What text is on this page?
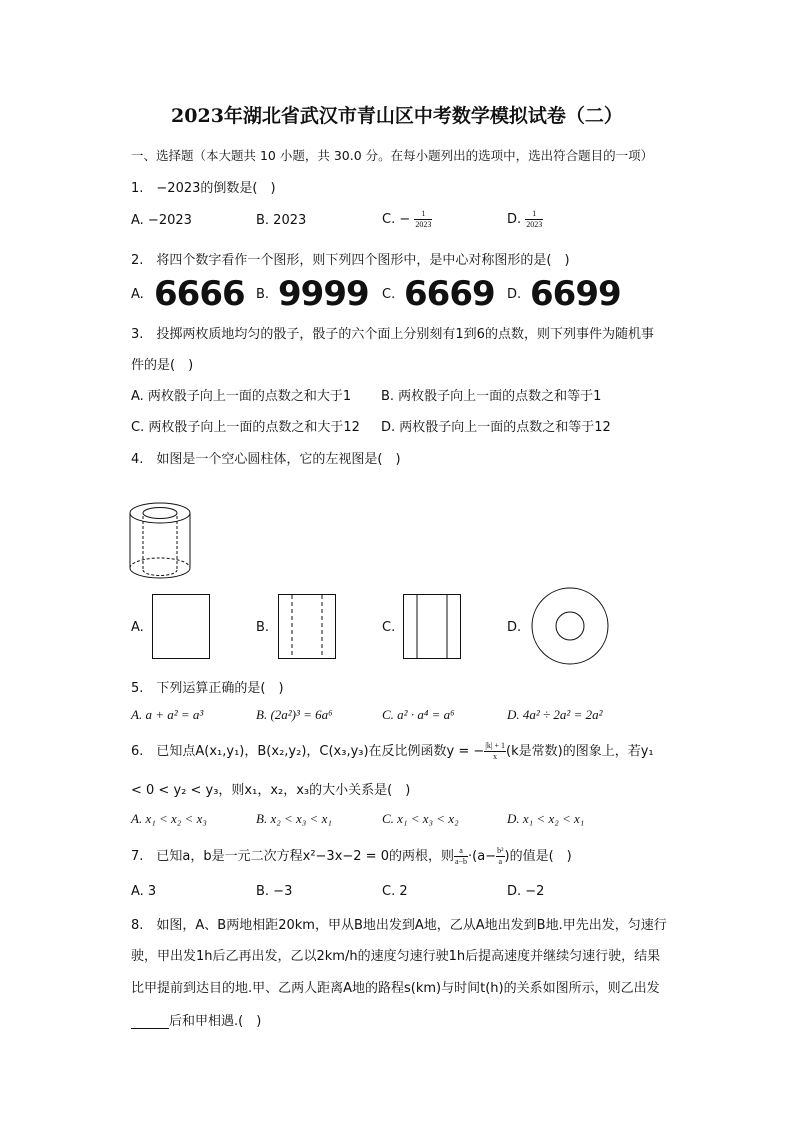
2023年湖北省武汉市青山区中考数学模拟试卷（二）
一、选择题（本大题共 10 小题，共 30.0 分。在每小题列出的选项中，选出符合题目的一项）
1.　−2023的倒数是(　)
A. −2023	B. 2023	C. − $\frac{1}{2023}$	D. $\frac{1}{2023}$
2.　将四个数字看作一个图形，则下列四个图形中，是中心对称图形的是(　)
A. 6666 B. 9999 C. 6669 D. 6699
3.　投掷两枚质地均匀的骰子，骰子的六个面上分别刻有1到6的点数，则下列事件为随机事
件的是(　)
A. 两枚骰子向上一面的点数之和大于1 B. 两枚骰子向上一面的点数之和等于1
C. 两枚骰子向上一面的点数之和大于12 D. 两枚骰子向上一面的点数之和等于12
4.　如图是一个空心圆柱体，它的左视图是(　)
A.	B.	C.	D.
5.　下列运算正确的是(　)
A. a + a² = a³	B. (2a²)³ = 6a⁶	C. a² · a⁴ = a⁶	D. 4a² ÷ 2a² = 2a²
6.　已知点A(x₁,y₁)，B(x₂,y₂)，C(x₃,y₃)在反比例函数y = − $\frac{|k| + 1}{x} (k$是常数)的图象上，若y₁
< 0 < y₂ < y₃，则x₁，x₂，x₃的大小关系是(　)
A. x₁ < x₂ < x₃	B. x₂ < x₃ < x₁	C. x₁ < x₃ < x₂	D. x₁ < x₂ < x₁
7.　已知a，b是一元二次方程x²−3x−2 = 0的两根，则 $\frac{a}{a-b} \cdot(a- \frac{\text{b²}}{a}$ )的值是(　)
A. 3	B. −3	C. 2	D. −2
8.　如图，A、B两地相距20km，甲从B地出发到A地，乙从A地出发到B地.甲先出发，匀速行
驶，甲出发1h后乙再出发，乙以2km/h的速度匀速行驶1h后提高速度并继续匀速行驶，结果
比甲提前到达目的地.甲、乙两人距离A地的路程s(km)与时间t(h)的关系如图所示，则乙出发
后和甲相遇.(　)
